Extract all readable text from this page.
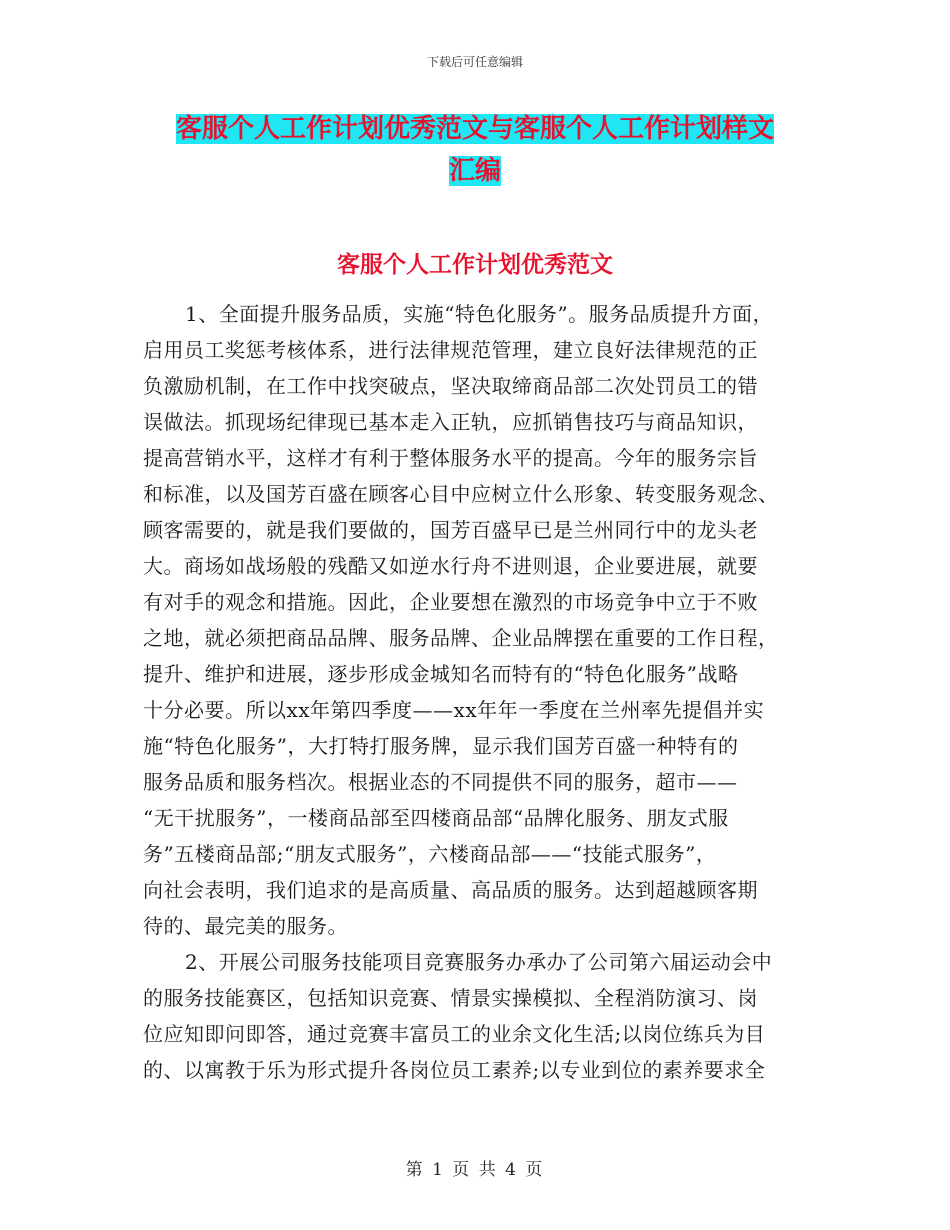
下载后可任意编辑
客服个人工作计划优秀范文与客服个人工作计划样文
汇编
客服个人工作计划优秀范文
1、全面提升服务品质，实施“特色化服务”。服务品质提升方面，
启用员工奖惩考核体系，进行法律规范管理，建立良好法律规范的正
负激励机制，在工作中找突破点，坚决取缔商品部二次处罚员工的错
误做法。抓现场纪律现已基本走入正轨，应抓销售技巧与商品知识，
提高营销水平，这样才有利于整体服务水平的提高。今年的服务宗旨
和标准，以及国芳百盛在顾客心目中应树立什么形象、转变服务观念、
顾客需要的，就是我们要做的，国芳百盛早已是兰州同行中的龙头老
大。商场如战场般的残酷又如逆水行舟不进则退，企业要进展，就要
有对手的观念和措施。因此，企业要想在激烈的市场竞争中立于不败
之地，就必须把商品品牌、服务品牌、企业品牌摆在重要的工作日程，
提升、维护和进展，逐步形成金城知名而特有的“特色化服务”战略
十分必要。所以xx年第四季度——xx年年一季度在兰州率先提倡并实
施“特色化服务”，大打特打服务牌，显示我们国芳百盛一种特有的
服务品质和服务档次。根据业态的不同提供不同的服务，超市——
“无干扰服务”，一楼商品部至四楼商品部“品牌化服务、朋友式服
务”五楼商品部;“朋友式服务”，六楼商品部——“技能式服务”，
向社会表明，我们追求的是高质量、高品质的服务。达到超越顾客期
待的、最完美的服务。
2、开展公司服务技能项目竞赛服务办承办了公司第六届运动会中
的服务技能赛区，包括知识竞赛、情景实操模拟、全程消防演习、岗
位应知即问即答，通过竞赛丰富员工的业余文化生活;以岗位练兵为目
的、以寓教于乐为形式提升各岗位员工素养;以专业到位的素养要求全
第 1 页 共 4 页
